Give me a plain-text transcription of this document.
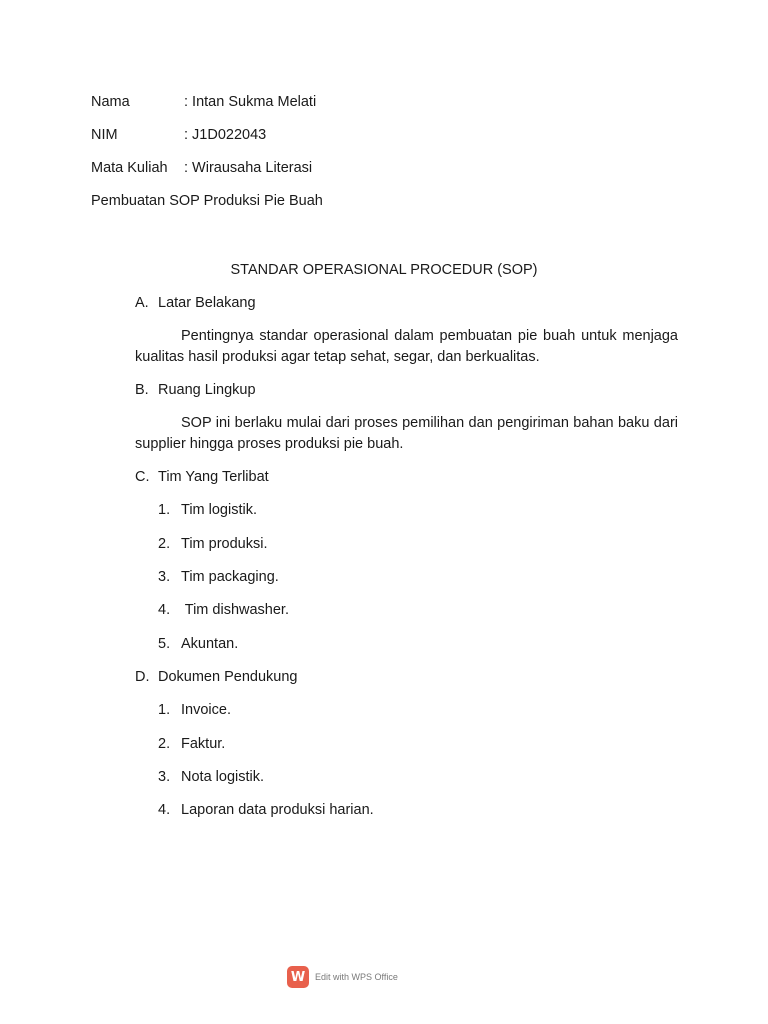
Nama	: Intan Sukma Melati
NIM	: J1D022043
Mata Kuliah : Wirausaha Literasi
Pembuatan SOP Produksi Pie Buah
STANDAR OPERASIONAL PROCEDUR (SOP)
A. Latar Belakang
Pentingnya standar operasional dalam pembuatan pie buah untuk menjaga kualitas hasil produksi agar tetap sehat, segar, dan berkualitas.
B. Ruang Lingkup
SOP ini berlaku mulai dari proses pemilihan dan pengiriman bahan baku dari supplier hingga proses produksi pie buah.
C. Tim Yang Terlibat
1. Tim logistik.
2. Tim produksi.
3. Tim packaging.
4. Tim dishwasher.
5. Akuntan.
D. Dokumen Pendukung
1. Invoice.
2. Faktur.
3. Nota logistik.
4. Laporan data produksi harian.
W	Edit with WPS Office
